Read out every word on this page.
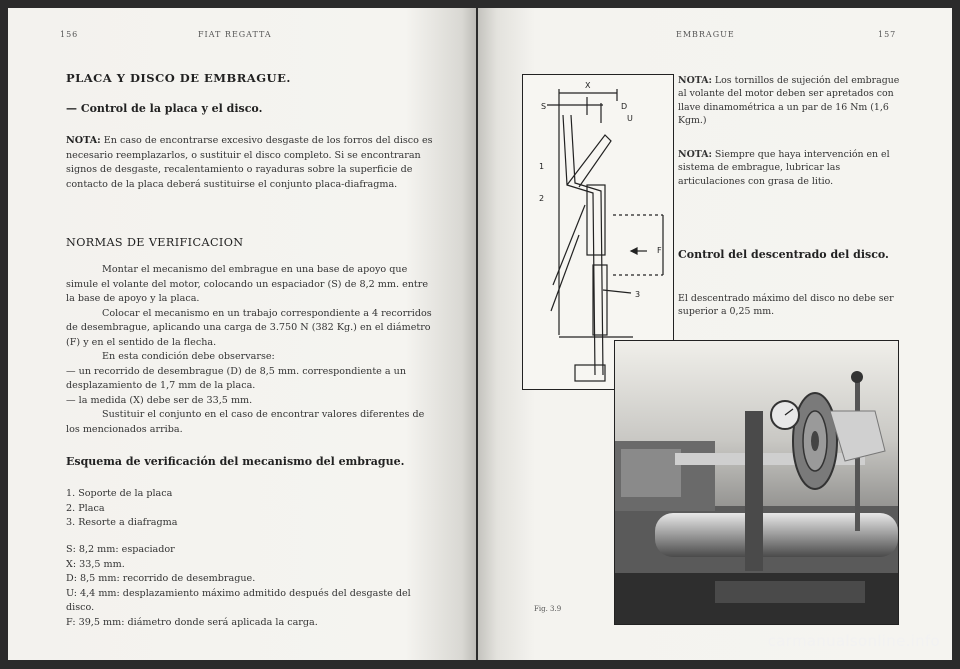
156	FIAT REGATTA
PLACA Y DISCO DE EMBRAGUE.
— Control de la placa y el disco.
NOTA: En caso de encontrarse excesivo desgaste de los forros del disco es necesario reemplazarlos, o sustituir el disco completo. Si se encontraran signos de desgaste, recalentamiento o rayaduras sobre la superficie de contacto de la placa deberá sustituirse el conjunto placa-diafragma.
NORMAS DE VERIFICACION
Montar el mecanismo del embrague en una base de apoyo que simule el volante del motor, colocando un espaciador (S) de 8,2 mm. entre la base de apoyo y la placa.
Colocar el mecanismo en un trabajo correspondiente a 4 recorridos de desembrague, aplicando una carga de 3.750 N (382 Kg.) en el diámetro (F) y en el sentido de la flecha.
En esta condición debe observarse:
— un recorrido de desembrague (D) de 8,5 mm. correspondiente a un desplazamiento de 1,7 mm de la placa.
— la medida (X) debe ser de 33,5 mm.
Sustituir el conjunto en el caso de encontrar valores diferentes de los mencionados arriba.
Esquema de verificación del mecanismo del embrague.
1. Soporte de la placa
2. Placa
3. Resorte a diafragma
S: 8,2 mm: espaciador
X: 33,5 mm.
D: 8,5 mm: recorrido de desembrague.
U: 4,4 mm: desplazamiento máximo admitido después del desgaste del disco.
F: 39,5 mm: diámetro donde será aplicada la carga.
EMBRAGUE	157
X
S	D
U
1
2
3
F
NOTA: Los tornillos de sujeción del embrague al volante del motor deben ser apretados con llave dinamométrica a un par de 16 Nm (1,6 Kgm.)
NOTA: Siempre que haya intervención en el sistema de embrague, lubricar las articulaciones con grasa de litio.
Control del descentrado del disco.
El descentrado máximo del disco no debe ser superior a 0,25 mm.
Fig. 3.9
carmanualsonline.info
